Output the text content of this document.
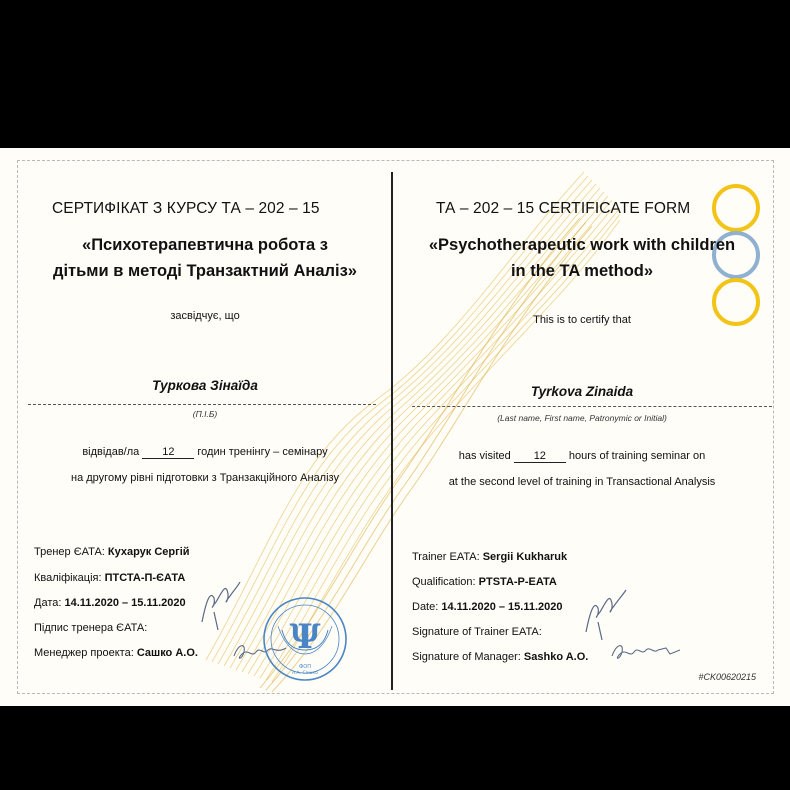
СЕРТИФІКАТ З КУРСУ ТА – 202 – 15
«Психотерапевтична робота з
дітьми в методі Транзактний Аналіз»
засвідчує, що
Туркова Зінаїда
(П.І.Б)
відвідав/ла 12 годин тренінгу – семінару
на другому рівні підготовки з Транзакційного Аналізу
Тренер ЄАТА: Кухарук Сергій
Кваліфікація: ПТСТА-П-ЄАТА
Дата: 14.11.2020 – 15.11.2020
Підпис тренера ЄАТА:
Менеджер проекта: Сашко А.О.	Ψ
ФОП
А.А. Сашко
ТА – 202 – 15 CERTIFICATE FORM
«Psychotherapeutic work with children
in the TA method»
This is to certify that
Tyrkova Zinaida
(Last name, First name, Patronymic or Initial)
has visited 12 hours of training seminar on
at the second level of training in Transactional Analysis
Trainer EATA: Sergii Kukharuk
Qualification: PTSTA-P-EATA
Date: 14.11.2020 – 15.11.2020
Signature of Trainer EATA:
Signature of Manager: Sashko A.O.
#CK00620215
